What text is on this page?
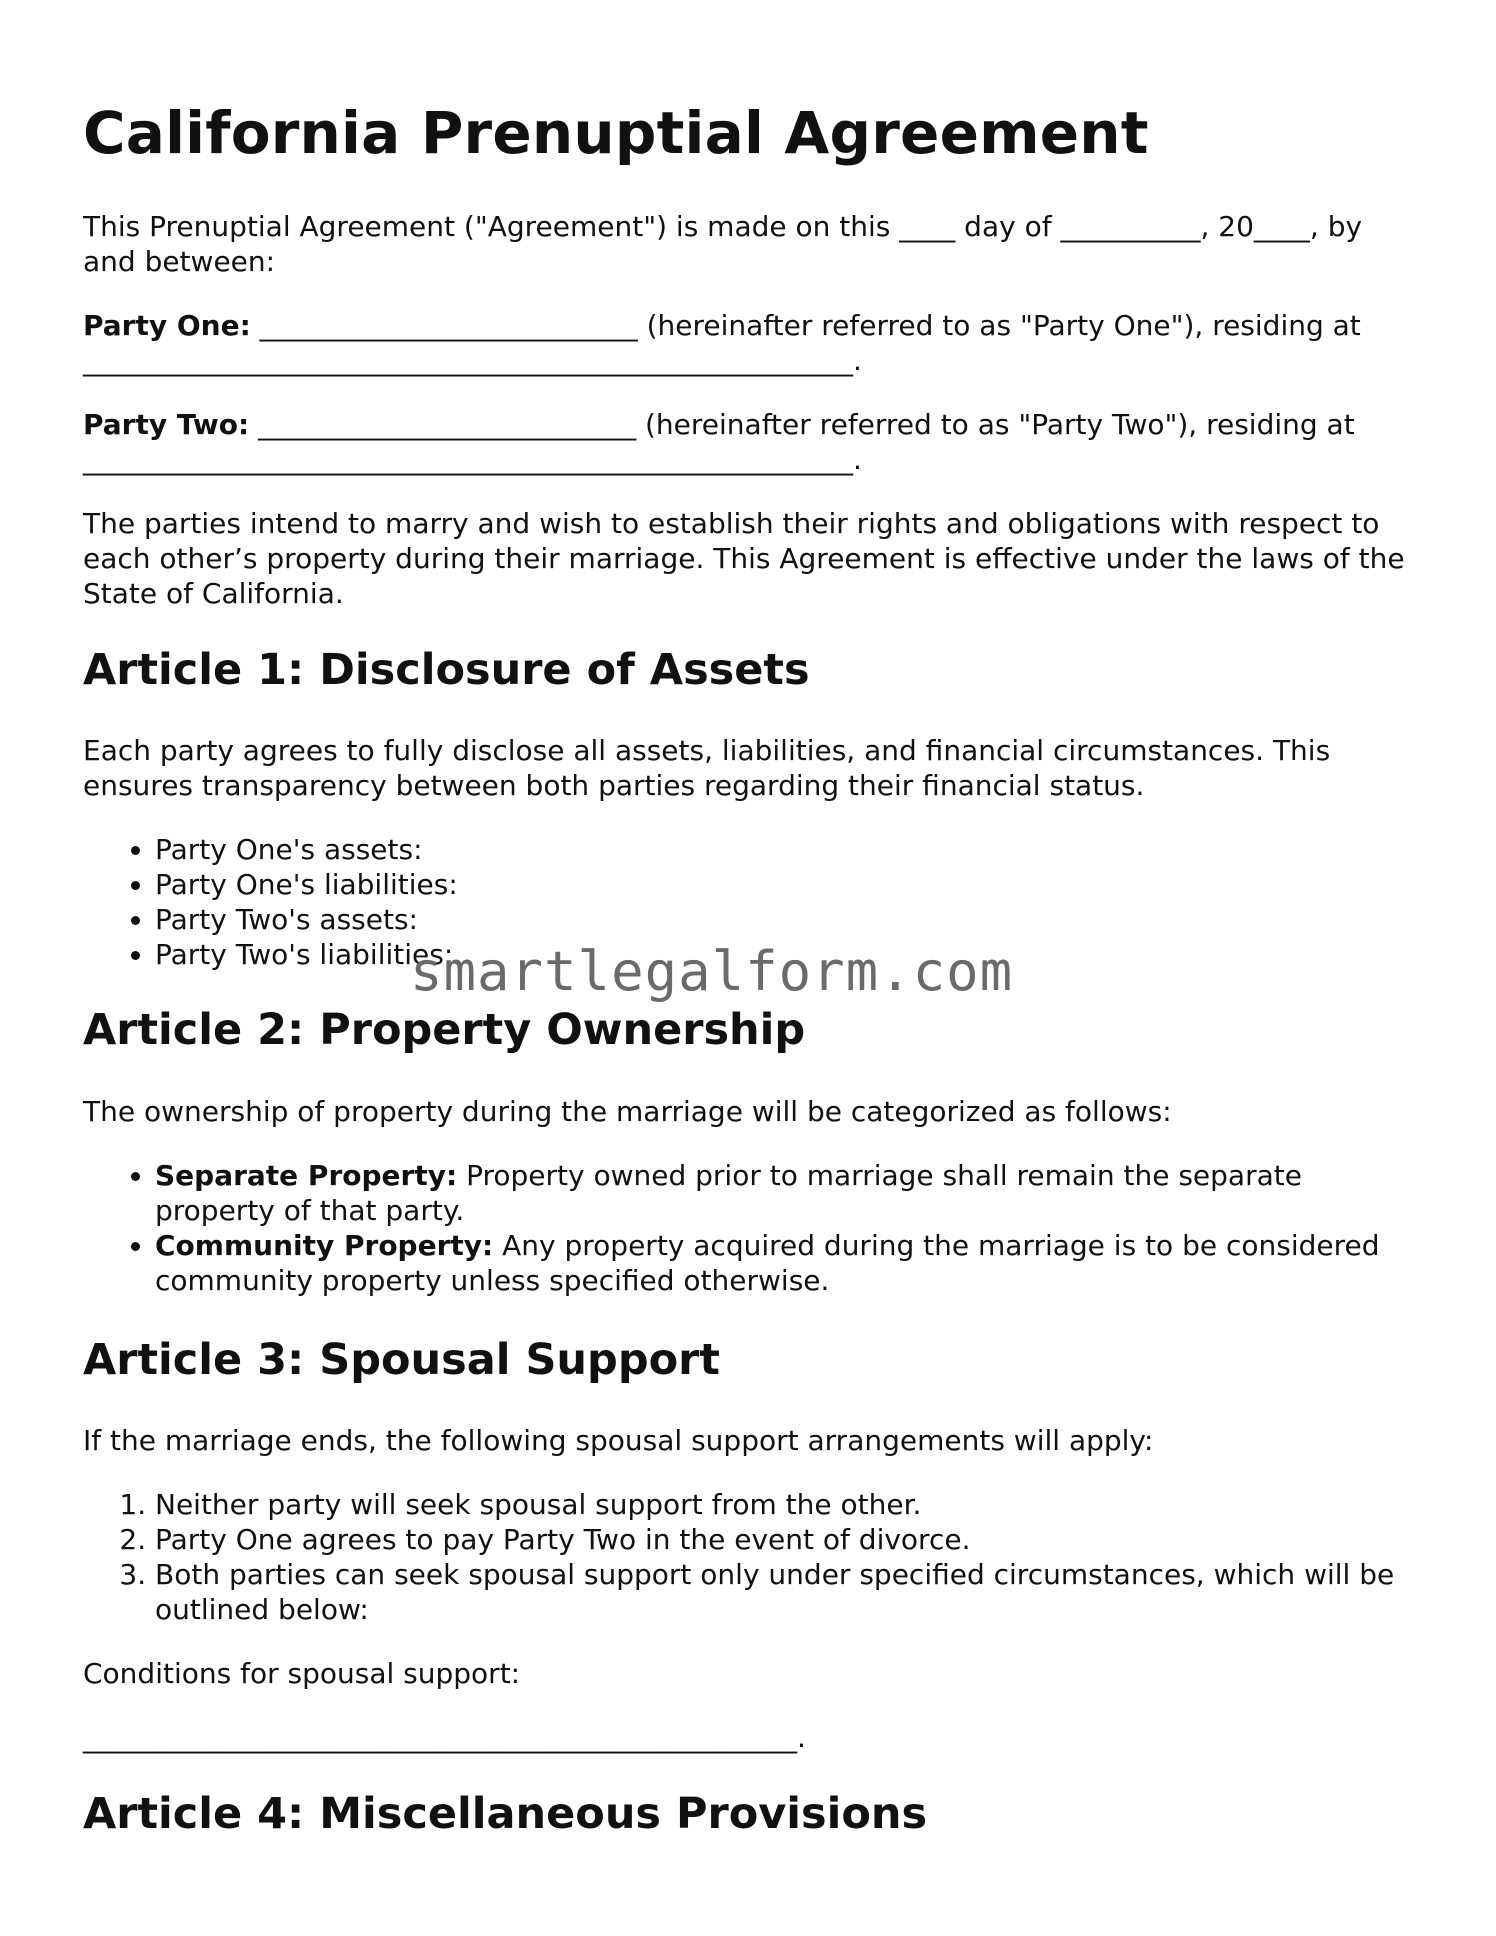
California Prenuptial Agreement

This Prenuptial Agreement ("Agreement") is made on this ____ day of __________, 20____, by and between:

Party One: ___________________________ (hereinafter referred to as "Party One"), residing at _______________________________________________________.

Party Two: ___________________________ (hereinafter referred to as "Party Two"), residing at _______________________________________________________.

The parties intend to marry and wish to establish their rights and obligations with respect to each other’s property during their marriage. This Agreement is effective under the laws of the State of California.

Article 1: Disclosure of Assets

Each party agrees to fully disclose all assets, liabilities, and financial circumstances. This ensures transparency between both parties regarding their financial status.

• Party One's assets:
• Party One's liabilities:
• Party Two's assets:
• Party Two's liabilities:
Article 2: Property Ownership

The ownership of property during the marriage will be categorized as follows:

• Separate Property: Property owned prior to marriage shall remain the separate property of that party.
• Community Property: Any property acquired during the marriage is to be considered community property unless specified otherwise.
Article 3: Spousal Support

If the marriage ends, the following spousal support arrangements will apply:

1. Neither party will seek spousal support from the other.
2. Party One agrees to pay Party Two in the event of divorce.
3. Both parties can seek spousal support only under specified circumstances, which will be outlined below:

Conditions for spousal support:

___________________________________________________.

Article 4: Miscellaneous Provisions
smartlegalform.com
